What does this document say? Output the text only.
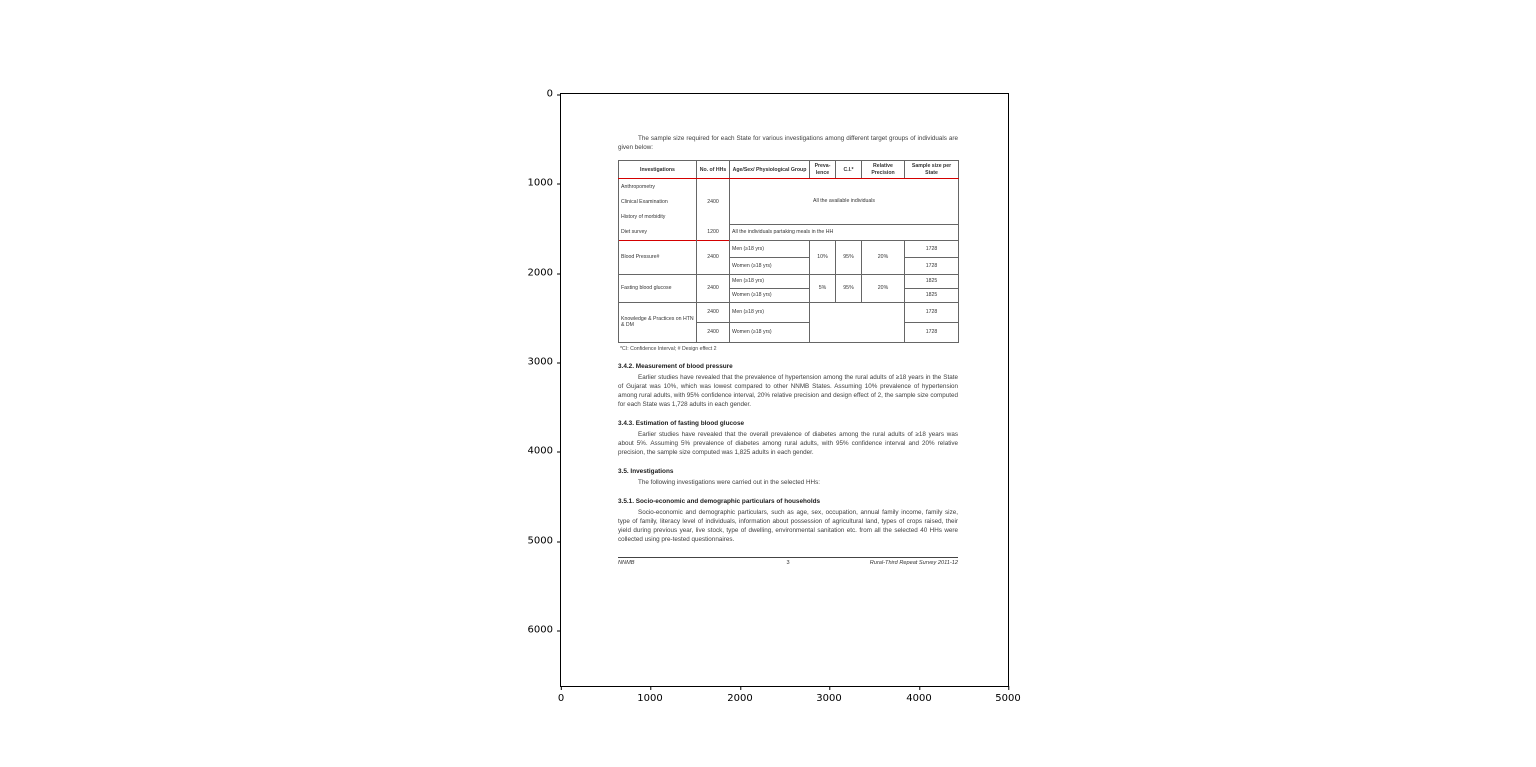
0
1000
2000
3000
4000
5000
6000
0	1000	2000	3000	4000	5000

The sample size required for each State for various investigations among different target groups of individuals are given below:

Investigations	No. of HHs	Age/Sex/ Physiological Group	Preva- lence	C.I.*	Relative Precision	Sample size per State
Anthropometry		All the available individuals				
Clinical Examination	2400					
History of morbidity						
Diet survey	1200	All the individuals partaking meals in the HH				
Blood Pressure#	2400	Men (≥18 yrs)	10%	95%	20%	1728
		Women (≥18 yrs)				1728
Fasting blood glucose	2400	Men (≥18 yrs)	5%	95%	20%	1825
		Women (≥18 yrs)				1825
Knowledge & Practices on HTN & DM	2400	Men (≥18 yrs)				1728
	2400	Women (≥18 yrs)				1728
*CI: Confidence Interval; # Design effect 2
3.4.2. Measurement of blood pressure

Earlier studies have revealed that the prevalence of hypertension among the rural adults of ≥18 years in the State of Gujarat was 10%, which was lowest compared to other NNMB States. Assuming 10% prevalence of hypertension among rural adults, with 95% confidence interval, 20% relative precision and design effect of 2, the sample size computed for each State was 1,728 adults in each gender.

3.4.3. Estimation of fasting blood glucose

Earlier studies have revealed that the overall prevalence of diabetes among the rural adults of ≥18 years was about 5%. Assuming 5% prevalence of diabetes among rural adults, with 95% confidence interval and 20% relative precision, the sample size computed was 1,825 adults in each gender.

3.5. Investigations

The following investigations were carried out in the selected HHs:

3.5.1. Socio-economic and demographic particulars of households

Socio-economic and demographic particulars, such as age, sex, occupation, annual family income, family size, type of family, literacy level of individuals, information about possession of agricultural land, types of crops raised, their yield during previous year, live stock, type of dwelling, environmental sanitation etc. from all the selected 40 HHs were collected using pre-tested questionnaires.

NNMB	3	Rural-Third Repeat Survey 2011-12
